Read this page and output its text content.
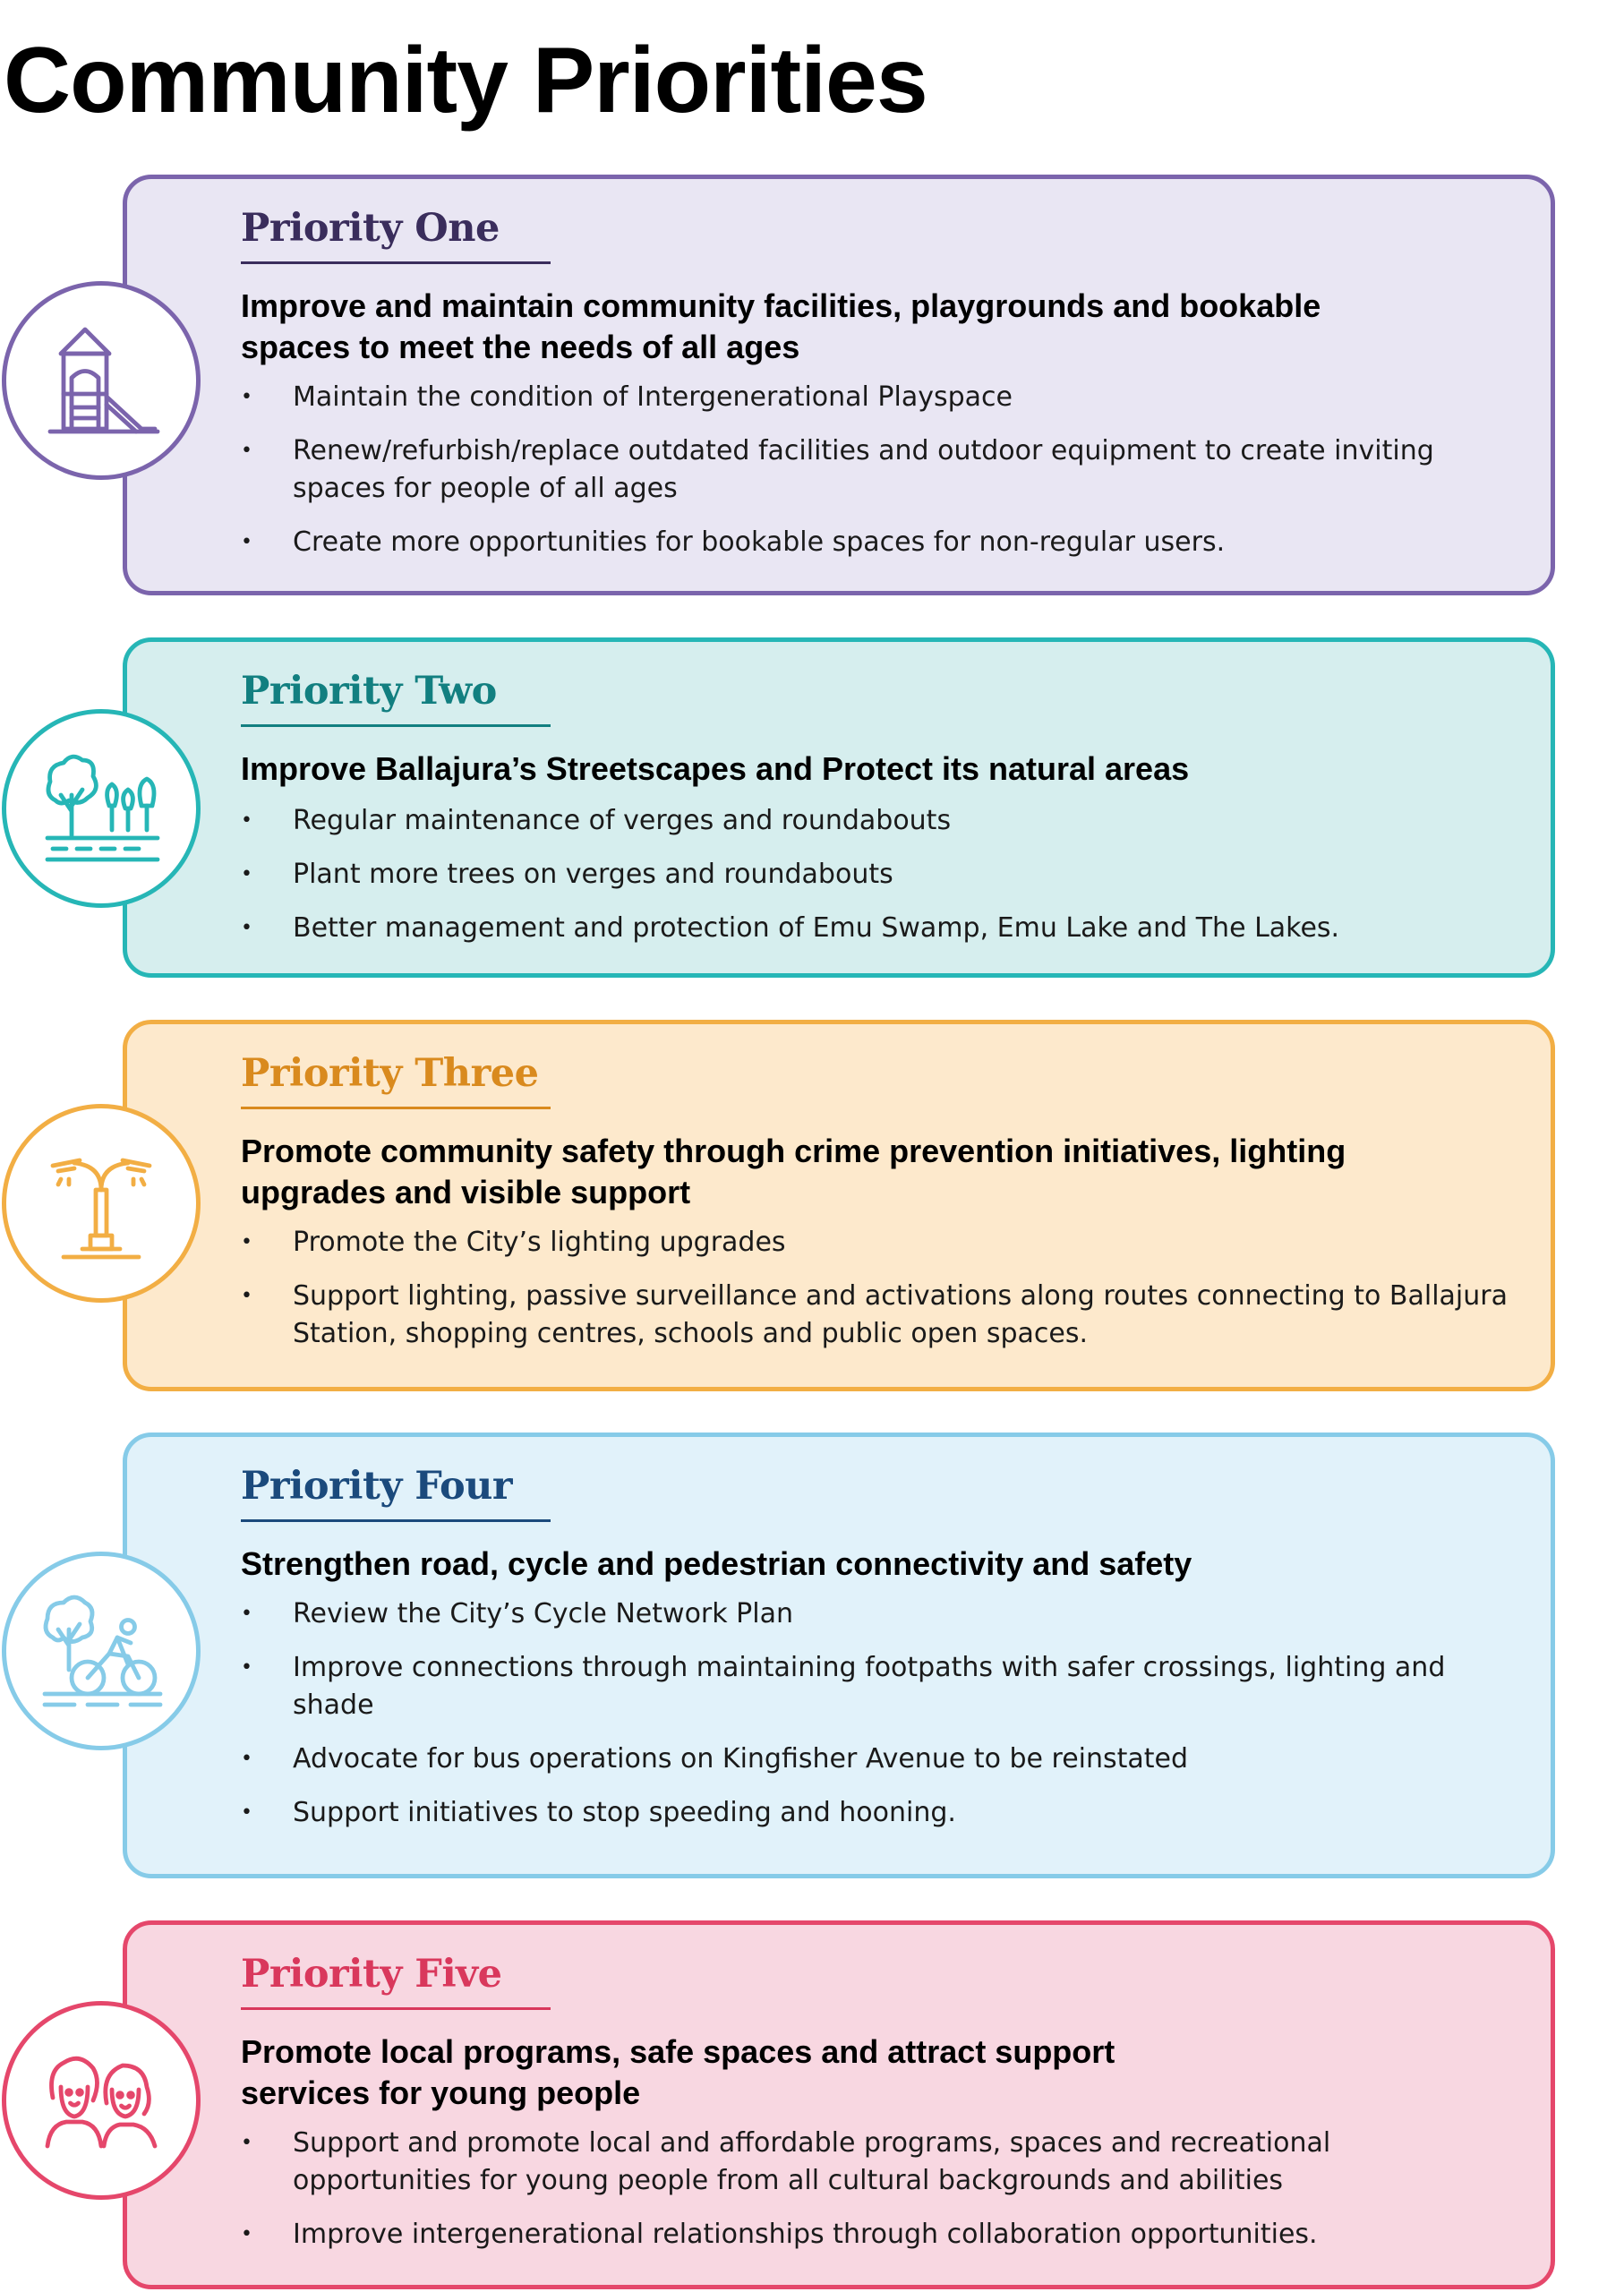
Community Priorities
Priority One
Improve and maintain community facilities, playgrounds and bookable spaces to meet the needs of all ages
• Maintain the condition of Intergenerational Playspace
• Renew/refurbish/replace outdated facilities and outdoor equipment to create inviting spaces for people of all ages
• Create more opportunities for bookable spaces for non-regular users.
Priority Two
Improve Ballajura’s Streetscapes and Protect its natural areas
• Regular maintenance of verges and roundabouts
• Plant more trees on verges and roundabouts
• Better management and protection of Emu Swamp, Emu Lake and The Lakes.
Priority Three
Promote community safety through crime prevention initiatives, lighting upgrades and visible support
• Promote the City’s lighting upgrades
• Support lighting, passive surveillance and activations along routes connecting to Ballajura Station, shopping centres, schools and public open spaces.
Priority Four
Strengthen road, cycle and pedestrian connectivity and safety
• Review the City’s Cycle Network Plan
• Improve connections through maintaining footpaths with safer crossings, lighting and shade
• Advocate for bus operations on Kingfisher Avenue to be reinstated
• Support initiatives to stop speeding and hooning.
Priority Five
Promote local programs, safe spaces and attract support services for young people
• Support and promote local and affordable programs, spaces and recreational opportunities for young people from all cultural backgrounds and abilities
• Improve intergenerational relationships through collaboration opportunities.
